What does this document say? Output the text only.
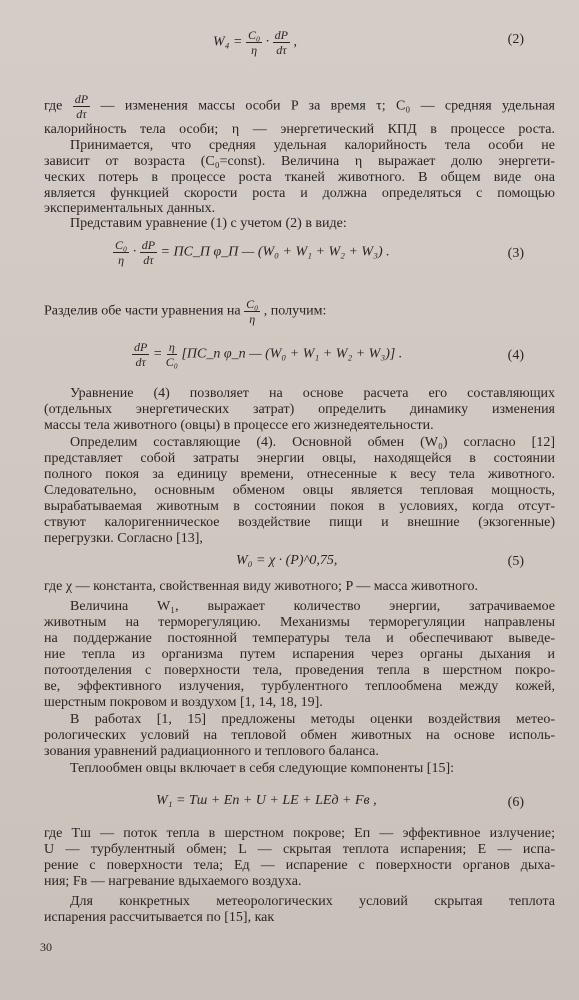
$W_4 = \frac{\text{C₀}}{\eta} \cdot \frac{dP}{d\tau}$ ,	(2)
где $\frac{dP}{d\tau}$ — изменения массы особи P за время τ; C₀ — средняя удельная
калорийность тела особи; η — энергетический КПД в процессе роста.
Принимается, что средняя удельная калорийность тела особи не
зависит от возраста (C₀=const). Величина η выражает долю энергети-
ческих потерь в процессе роста тканей животного. В общем виде она
является функцией скорости роста и должна определяться с помощью
экспериментальных данных.
Представим уравнение (1) с учетом (2) в виде:
$\frac{\text{C₀}}{\eta} \cdot \frac{dP}{d\tau}$ = ПC_П φ_П — (W₀ + W₁ + W₂ + W₃) .	(3)
Разделив обе части уравнения на $\frac{\text{C₀}}{\eta}$ , получим:
$\frac{dP}{d\tau} = \frac{\eta}{\text{C₀}}$ [ПC_п φ_п — (W₀ + W₁ + W₂ + W₃)] .	(4)
Уравнение (4) позволяет на основе расчета его составляющих
(отдельных энергетических затрат) определить динамику изменения
массы тела животного (овцы) в процессе его жизнедеятельности.
Определим составляющие (4). Основной обмен (W₀) согласно [12]
представляет собой затраты энергии овцы, находящейся в состоянии
полного покоя за единицу времени, отнесенные к весу тела животного.
Следовательно, основным обменом овцы является тепловая мощность,
вырабатываемая животным в состоянии покоя в условиях, когда отсут-
ствуют калоригенническое воздействие пищи и внешние (экзогенные)
перегрузки. Согласно [13],
W₀ = χ · (P)^0,75,	(5)
где χ — константа, свойственная виду животного; P — масса животного.
Величина W₁, выражает количество энергии, затрачиваемое
животным на терморегуляцию. Механизмы терморегуляции направлены
на поддержание постоянной температуры тела и обеспечивают выведе-
ние тепла из организма путем испарения через органы дыхания и
потоотделения с поверхности тела, проведения тепла в шерстном покро-
ве, эффективного излучения, турбулентного теплообмена между кожей,
шерстным покровом и воздухом [1, 14, 18, 19].
В работах [1, 15] предложены методы оценки воздействия метео-
рологических условий на тепловой обмен животных на основе исполь-
зования уравнений радиационного и теплового баланса.
Теплообмен овцы включает в себя следующие компоненты [15]:
W₁ = Tш + Eп + U + LE + LEд + Fв ,	(6)
где Tш — поток тепла в шерстном покрове; Eп — эффективное излучение;
U — турбулентный обмен; L — скрытая теплота испарения; E — испа-
рение с поверхности тела; Eд — испарение с поверхности органов дыха-
ния; Fв — нагревание вдыхаемого воздуха.
Для конкретных метеорологических условий скрытая теплота
испарения рассчитывается по [15], как
30
